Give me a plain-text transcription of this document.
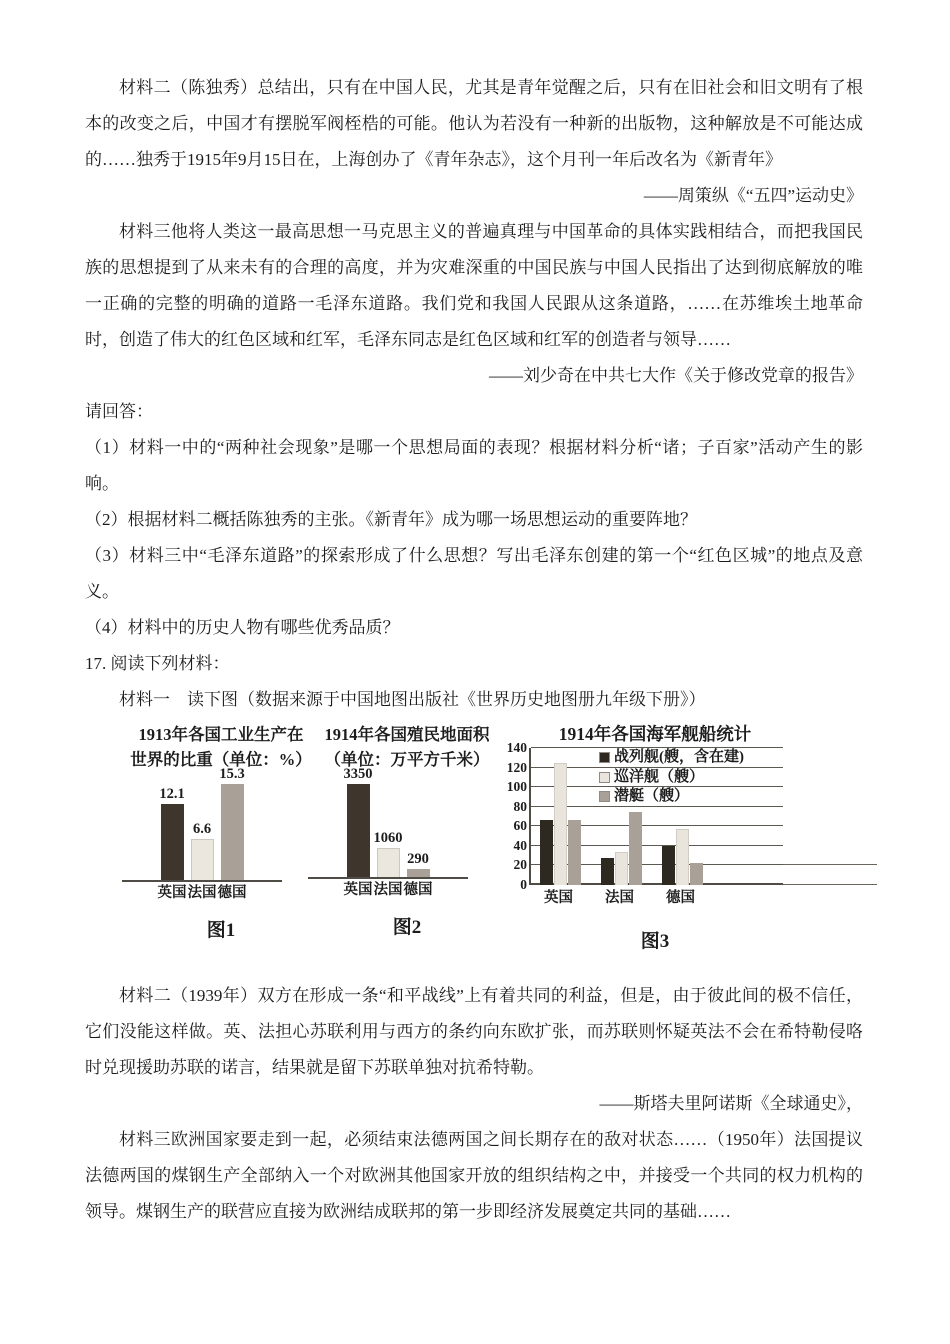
材料二（陈独秀）总结出，只有在中国人民，尤其是青年觉醒之后，只有在旧社会和旧文明有了根本的改变之后，中国才有摆脱军阀桎梏的可能。他认为若没有一种新的出版物，这种解放是不可能达成的……独秀于1915年9月15日在，上海创办了《青年杂志》，这个月刊一年后改名为《新青年》

——周策纵《“五四”运动史》

材料三他将人类这一最高思想一马克思主义的普遍真理与中国革命的具体实践相结合，而把我国民族的思想提到了从来未有的合理的高度，并为灾难深重的中国民族与中国人民指出了达到彻底解放的唯一正确的完整的明确的道路一毛泽东道路。我们党和我国人民跟从这条道路，……在苏维埃土地革命时，创造了伟大的红色区域和红军，毛泽东同志是红色区域和红军的创造者与领导……

——刘少奇在中共七大作《关于修改党章的报告》

请回答：

（1）材料一中的“两种社会现象”是哪一个思想局面的表现？根据材料分析“诸；子百家”活动产生的影响。

（2）根据材料二概括陈独秀的主张。《新青年》成为哪一场思想运动的重要阵地？

（3）材料三中“毛泽东道路”的探索形成了什么思想？写出毛泽东创建的第一个“红色区城”的地点及意义。

（4）材料中的历史人物有哪些优秀品质？

17. 阅读下列材料：

材料一　读下图（数据来源于中国地图出版社《世界历史地图册九年级下册》）

1913年各国工业生产在
世界的比重（单位：%）
12.1
6.6
15.3
英国 法国 德国
图1
1914年各国殖民地面积
（单位：万平方千米）
3350
1060
290
英国 法国 德国
图2
1914年各国海军舰船统计
0
20
40
60
80
100
120
140
战列舰(艘，含在建)
巡洋舰（艘）
潜艇（艘）
英国	法国	德国
图3

材料二（1939年）双方在形成一条“和平战线”上有着共同的利益，但是，由于彼此间的极不信任，它们没能这样做。英、法担心苏联利用与西方的条约向东欧扩张，而苏联则怀疑英法不会在希特勒侵咯时兑现援助苏联的诺言，结果就是留下苏联单独对抗希特勒。

——斯塔夫里阿诺斯《全球通史》，

材料三欧洲国家要走到一起，必须结束法德两国之间长期存在的敌对状态……（1950年）法国提议法德两国的煤钢生产全部纳入一个对欧洲其他国家开放的组织结构之中，并接受一个共同的权力机构的领导。煤钢生产的联营应直接为欧洲结成联邦的第一步即经济发展奠定共同的基础……
